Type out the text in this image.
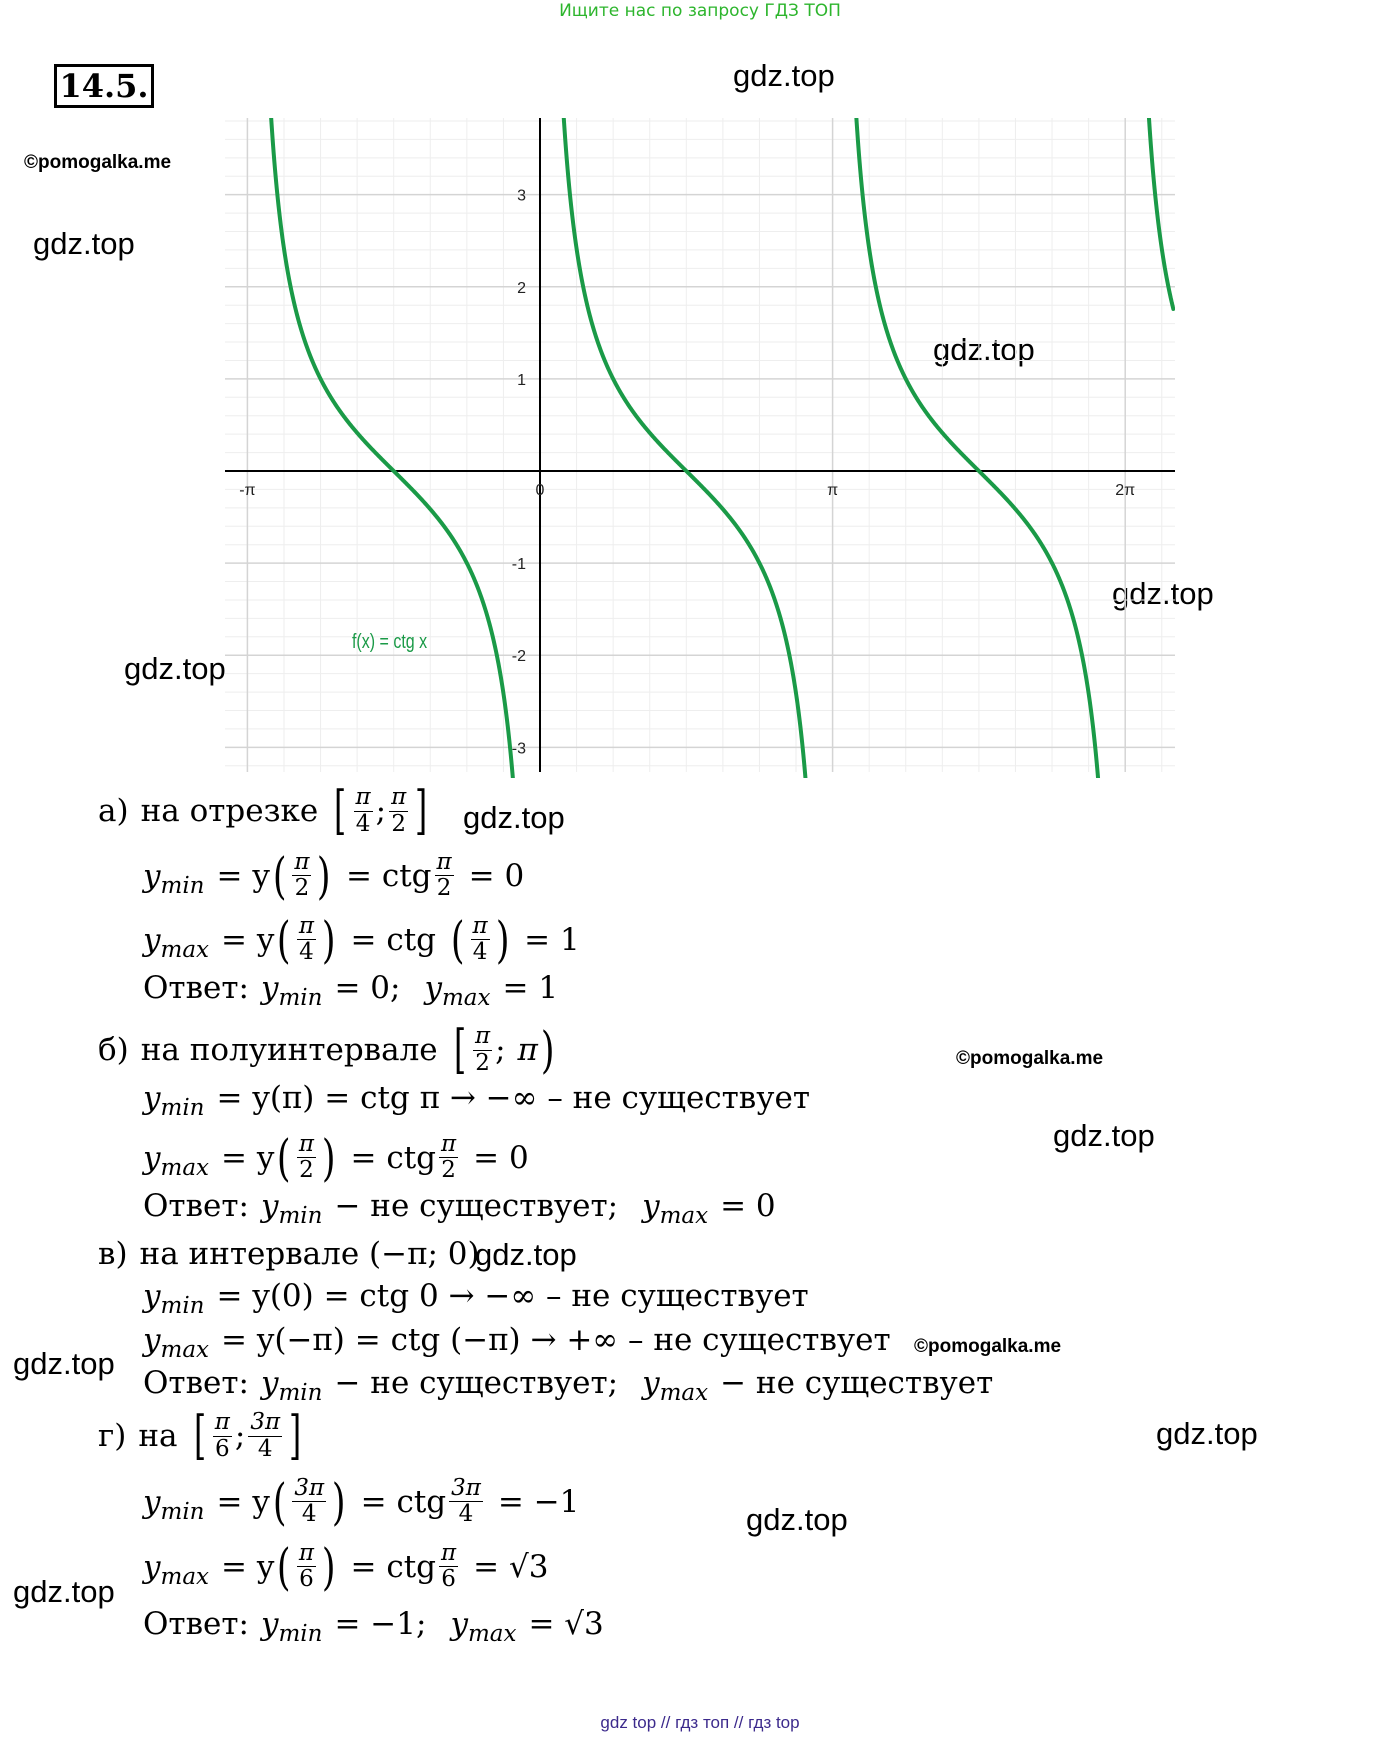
Ищите нас по запросу ГДЗ ТОП
14.5.	gdz.top
©pomogalka.me
gdz.top
gdz.top
gdz.top
gdz.top
gdz.top
©pomogalka.me
gdz.top
gdz.top
©pomogalka.me
gdz.top
gdz.top
gdz.top
gdz.top
-π	0	π	2π
3
2
1
-1
-2
-3
f(x) = ctg x
а) на отрезке [ $\frac{\pi}{4}$ ; $\frac{\pi}{2}$ ]
y min = y ( $\frac{\pi}{2}$ ) = ctg $\frac{\pi}{2} = 0$
y max = y ( $\frac{\pi}{4}$ ) = ctg ( $\frac{\pi}{4}$ ) = 1
Ответ: y min = 0; y max = 1
б) на полуинтервале [ $\frac{\pi}{2}$ ; π )
y min = y(π) = ctg π → −∞ – не существует
y max = y ( $\frac{\pi}{2}$ ) = ctg $\frac{\pi}{2} = 0$
Ответ: y min − не существует; y max = 0
в) на интервале (−π; 0)
y min = y(0) = ctg 0 → −∞ – не существует
y max = y(−π) = ctg (−π) → +∞ – не существует
Ответ: y min − не существует; y max − не существует
г) на [ $\frac{\pi}{6}$ ; $\frac{3\pi}{4}$ ]
y min = y ( $\frac{3\pi}{4}$ ) = ctg $\frac{3\pi}{4} = -1$
y max = y ( $\frac{\pi}{6}$ ) = ctg $\frac{\pi}{6} = √3$
Ответ: y min = −1; y max = √3
gdz top // гдз топ // гдз top
